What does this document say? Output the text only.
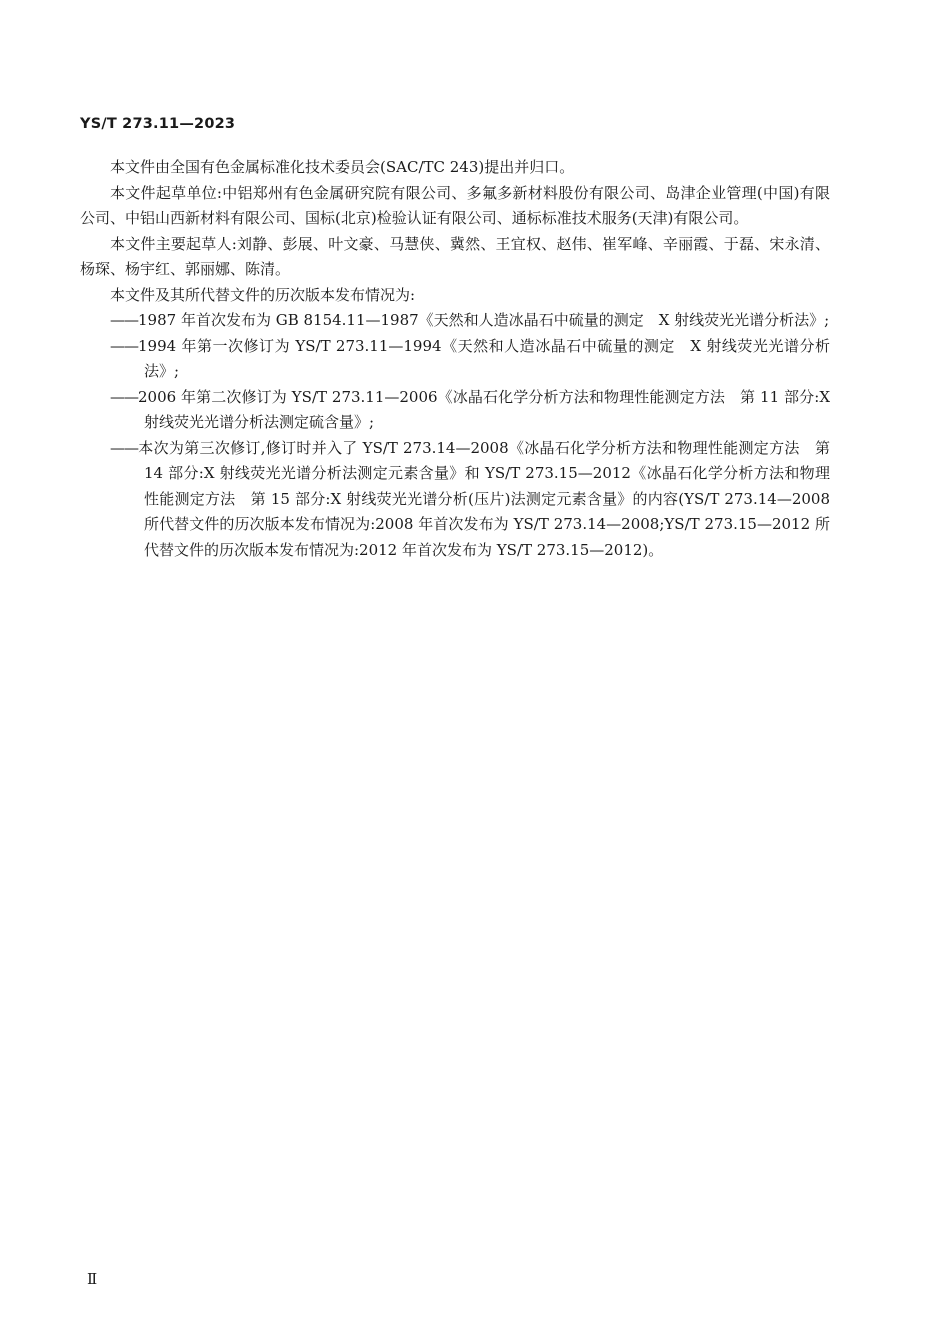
YS/T 273.11—2023

本文件由全国有色金属标准化技术委员会(SAC/TC 243)提出并归口。

本文件起草单位:中铝郑州有色金属研究院有限公司、多氟多新材料股份有限公司、岛津企业管理(中国)有限公司、中铝山西新材料有限公司、国标(北京)检验认证有限公司、通标标准技术服务(天津)有限公司。

本文件主要起草人:刘静、彭展、叶文豪、马慧侠、冀然、王宜权、赵伟、崔军峰、辛丽霞、于磊、宋永清、杨琛、杨宇红、郭丽娜、陈清。

本文件及其所代替文件的历次版本发布情况为:

——1987 年首次发布为 GB 8154.11—1987《天然和人造冰晶石中硫量的测定　X 射线荧光光谱分析法》;
——1994 年第一次修订为 YS/T 273.11—1994《天然和人造冰晶石中硫量的测定　X 射线荧光光谱分析法》;
——2006 年第二次修订为 YS/T 273.11—2006《冰晶石化学分析方法和物理性能测定方法　第 11 部分:X 射线荧光光谱分析法测定硫含量》;
——本次为第三次修订,修订时并入了 YS/T 273.14—2008《冰晶石化学分析方法和物理性能测定方法　第 14 部分:X 射线荧光光谱分析法测定元素含量》和 YS/T 273.15—2012《冰晶石化学分析方法和物理性能测定方法　第 15 部分:X 射线荧光光谱分析(压片)法测定元素含量》的内容(YS/T 273.14—2008 所代替文件的历次版本发布情况为:2008 年首次发布为 YS/T 273.14—2008;YS/T 273.15—2012 所代替文件的历次版本发布情况为:2012 年首次发布为 YS/T 273.15—2012)。
Ⅱ
